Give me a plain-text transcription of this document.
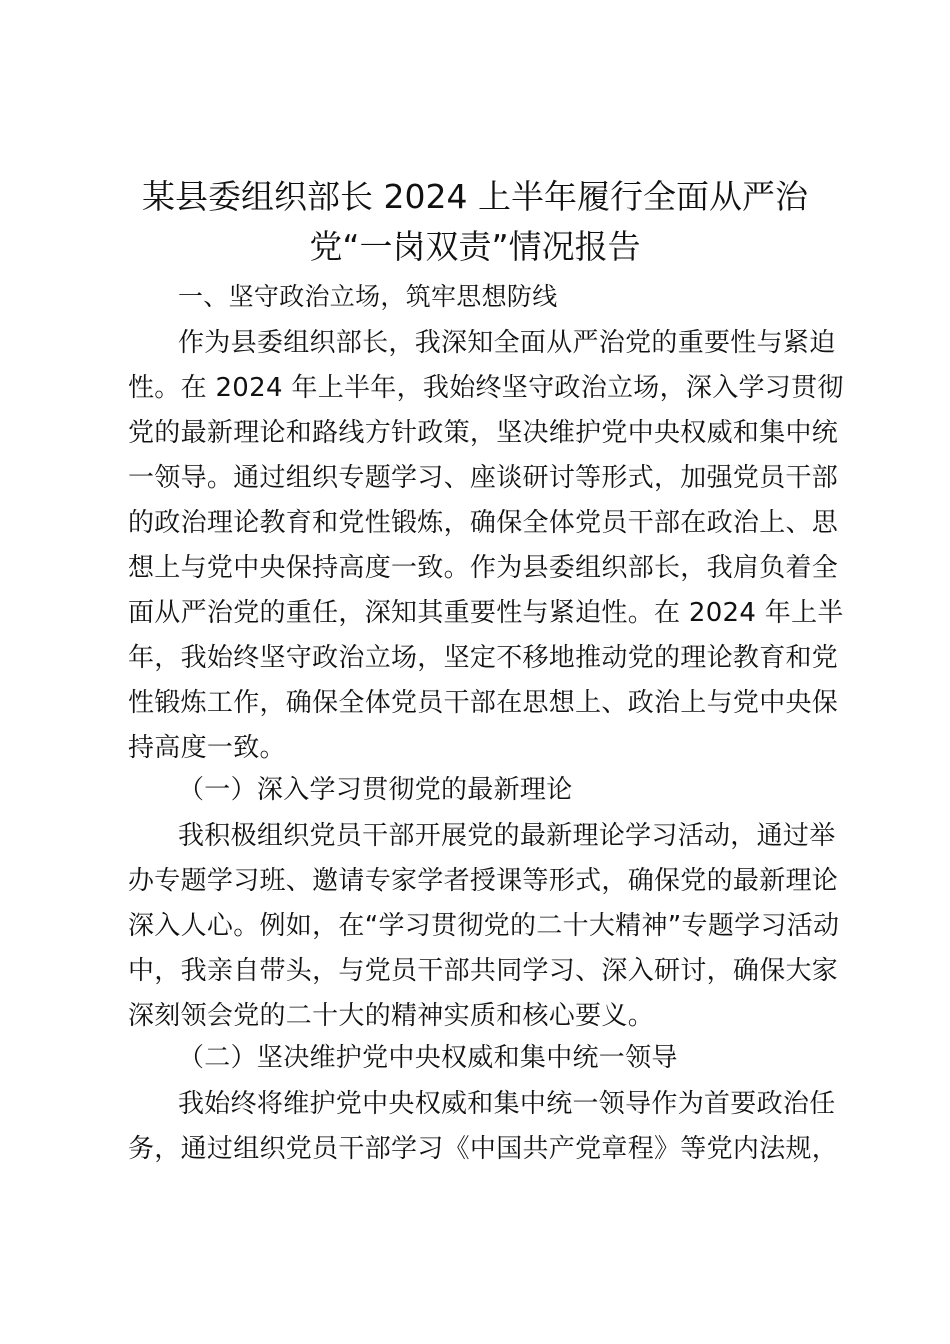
某县委组织部长 2024 上半年履行全面从严治
党“一岗双责”情况报告
一、坚守政治立场，筑牢思想防线
作为县委组织部长，我深知全面从严治党的重要性与紧迫
性。在 2024 年上半年，我始终坚守政治立场，深入学习贯彻
党的最新理论和路线方针政策，坚决维护党中央权威和集中统
一领导。通过组织专题学习、座谈研讨等形式，加强党员干部
的政治理论教育和党性锻炼，确保全体党员干部在政治上、思
想上与党中央保持高度一致。作为县委组织部长，我肩负着全
面从严治党的重任，深知其重要性与紧迫性。在 2024 年上半
年，我始终坚守政治立场，坚定不移地推动党的理论教育和党
性锻炼工作，确保全体党员干部在思想上、政治上与党中央保
持高度一致。
（一）深入学习贯彻党的最新理论
我积极组织党员干部开展党的最新理论学习活动，通过举
办专题学习班、邀请专家学者授课等形式，确保党的最新理论
深入人心。例如，在“学习贯彻党的二十大精神”专题学习活动
中，我亲自带头，与党员干部共同学习、深入研讨，确保大家
深刻领会党的二十大的精神实质和核心要义。
（二）坚决维护党中央权威和集中统一领导
我始终将维护党中央权威和集中统一领导作为首要政治任
务，通过组织党员干部学习《中国共产党章程》等党内法规，
